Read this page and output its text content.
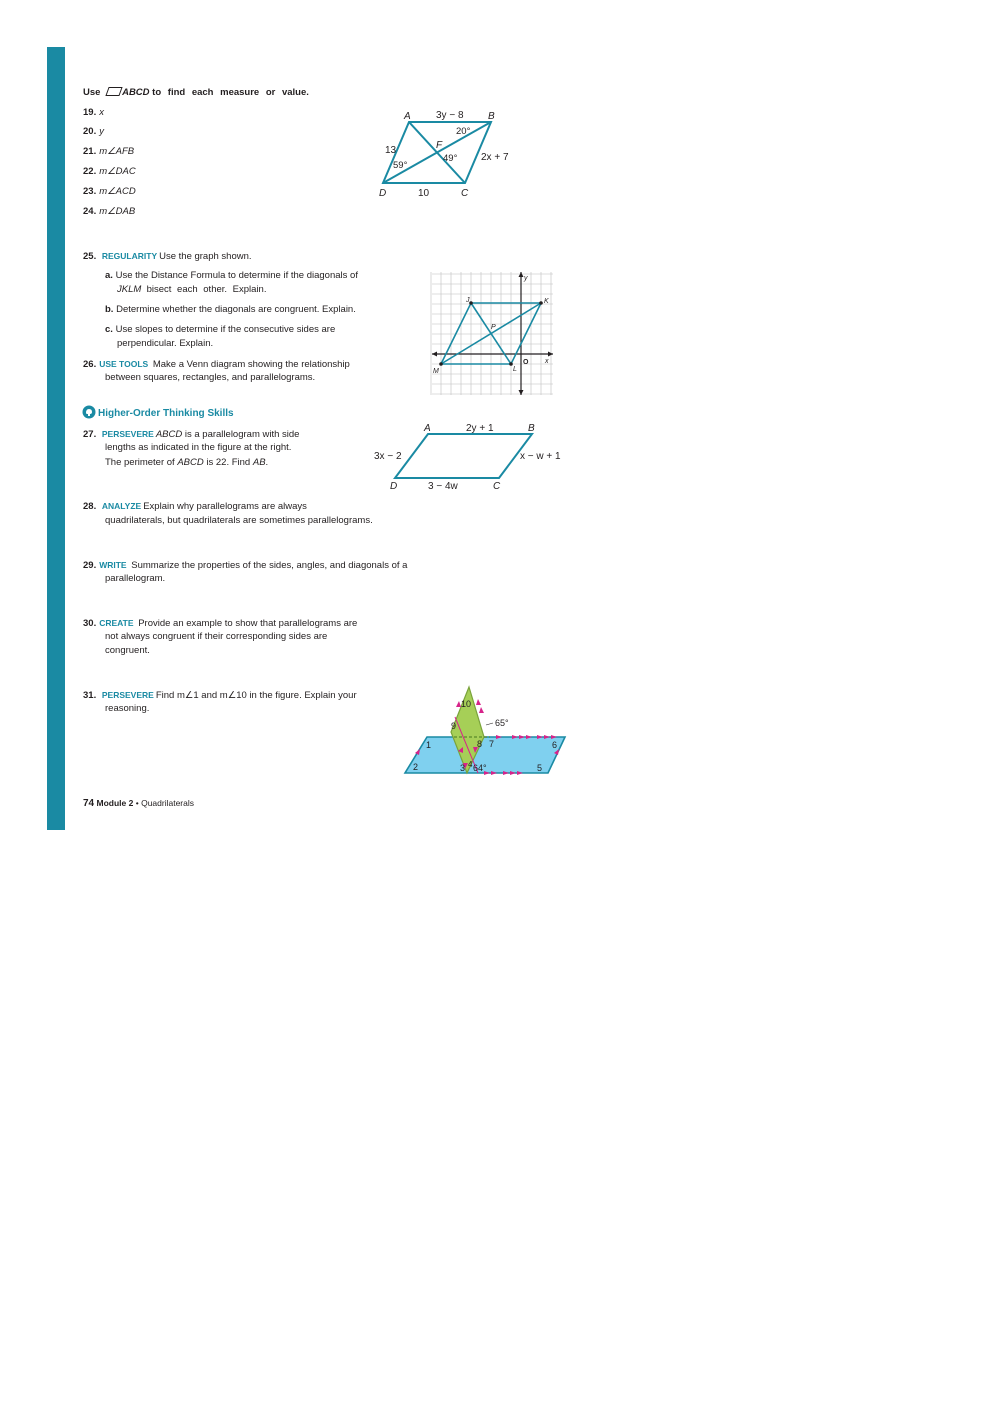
Use ABCD to find each measure or value.
19. x
20. y
21. m∠AFB
22. m∠DAC
23. m∠ACD
24. m∠DAB
A	B
C
D
F
3y − 8
2x + 7
13
10
20°
49°
59°
25. REGULARITY Use the graph shown.
a. Use the Distance Formula to determine if the diagonals of
JKLM bisect each other. Explain.
b. Determine whether the diagonals are congruent. Explain.
c. Use slopes to determine if the consecutive sides are
perpendicular. Explain.
26. USE TOOLS Make a Venn diagram showing the relationship
between squares, rectangles, and parallelograms.
J	K
L
M
P
O x
y
Higher-Order Thinking Skills
27. PERSEVERE ABCD is a parallelogram with side
lengths as indicated in the figure at the right.
The perimeter of ABCD is 22. Find AB.
A	B
C
D
2y + 1
3x − 2	x − w + 1
3 − 4w
28. ANALYZE Explain why parallelograms are always
quadrilaterals, but quadrilaterals are sometimes parallelograms.
29. WRITE Summarize the properties of the sides, angles, and diagonals of a
parallelogram.
30. CREATE Provide an example to show that parallelograms are
not always congruent if their corresponding sides are
congruent.
31. PERSEVERE Find m∠1 and m∠10 in the figure. Explain your
reasoning.	10
9	65°
1	8 7	6
2	4
3 64°	5
74 Module 2 • Quadrilaterals
